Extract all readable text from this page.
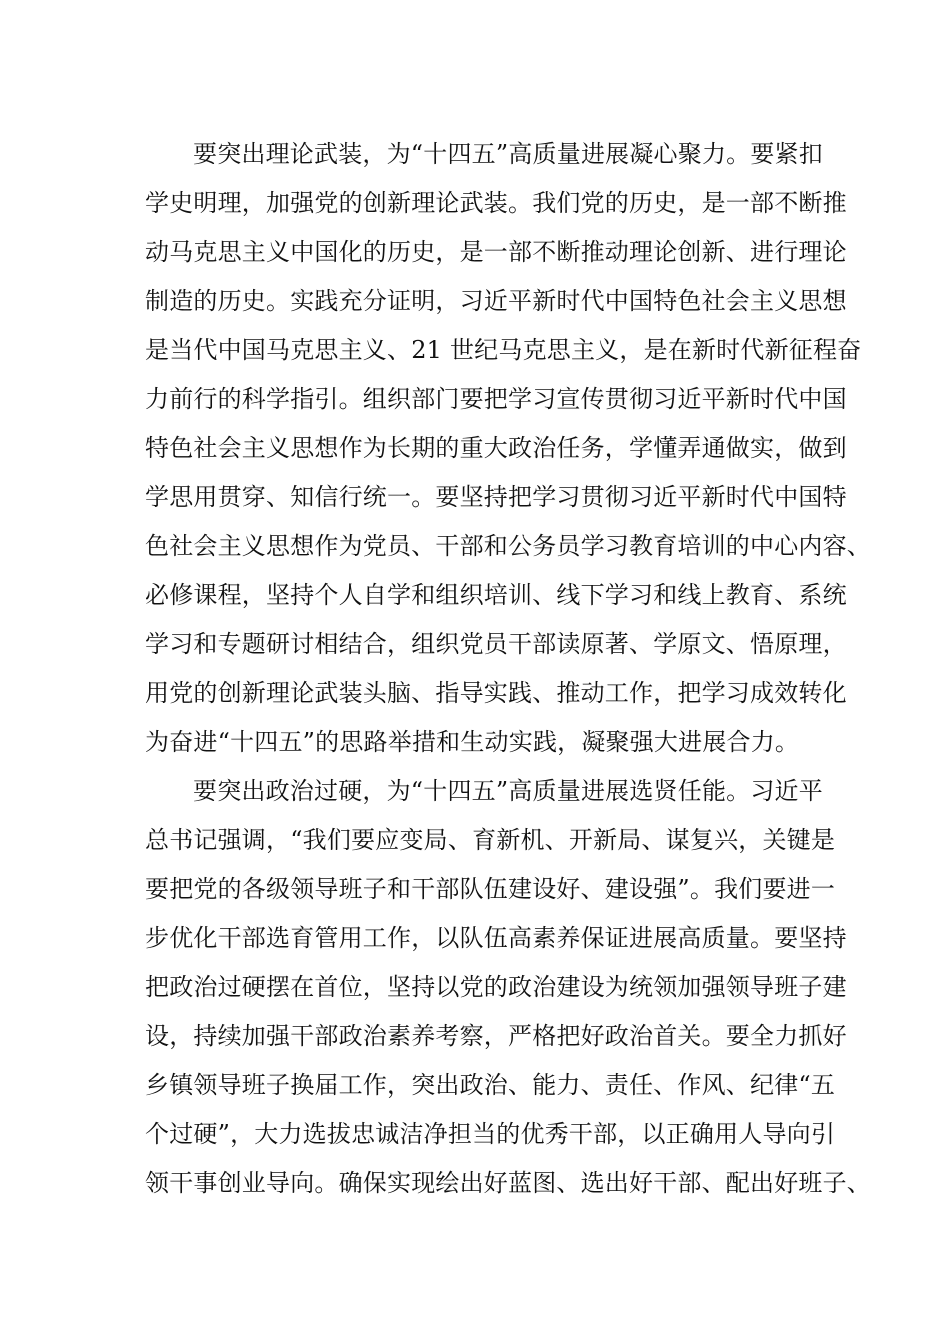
要突出理论武装，为“十四五”高质量进展凝心聚力。要紧扣
学史明理，加强党的创新理论武装。我们党的历史，是一部不断推
动马克思主义中国化的历史，是一部不断推动理论创新、进行理论
制造的历史。实践充分证明，习近平新时代中国特色社会主义思想
是当代中国马克思主义、21 世纪马克思主义，是在新时代新征程奋
力前行的科学指引。组织部门要把学习宣传贯彻习近平新时代中国
特色社会主义思想作为长期的重大政治任务，学懂弄通做实，做到
学思用贯穿、知信行统一。要坚持把学习贯彻习近平新时代中国特
色社会主义思想作为党员、干部和公务员学习教育培训的中心内容、
必修课程，坚持个人自学和组织培训、线下学习和线上教育、系统
学习和专题研讨相结合，组织党员干部读原著、学原文、悟原理，
用党的创新理论武装头脑、指导实践、推动工作，把学习成效转化
为奋进“十四五”的思路举措和生动实践，凝聚强大进展合力。
要突出政治过硬，为“十四五”高质量进展选贤任能。习近平
总书记强调，“我们要应变局、育新机、开新局、谋复兴，关键是
要把党的各级领导班子和干部队伍建设好、建设强”。我们要进一
步优化干部选育管用工作，以队伍高素养保证进展高质量。要坚持
把政治过硬摆在首位，坚持以党的政治建设为统领加强领导班子建
设，持续加强干部政治素养考察，严格把好政治首关。要全力抓好
乡镇领导班子换届工作，突出政治、能力、责任、作风、纪律“五
个过硬”，大力选拔忠诚洁净担当的优秀干部，以正确用人导向引
领干事创业导向。确保实现绘出好蓝图、选出好干部、配出好班子、
